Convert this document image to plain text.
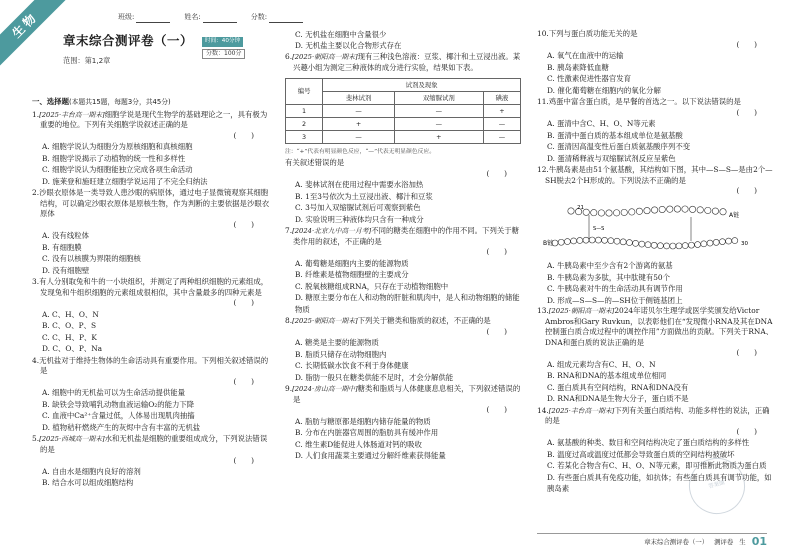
生物	班级:	姓名:	分数:
章末综合测评卷（一）
范围：第1,2章
时间：40分钟
分数：100分
一、选择题(本题共15题，每题3分，共45分)
1.[2025·丰台高一期末]细胞学说是现代生物学的基础理论之一，具有极为重要的地位。下列有关细胞学说叙述正确的是
(　　)
A. 细胞学说认为细胞分为原核细胞和真核细胞
B. 细胞学说揭示了动植物的统一性和多样性
C. 细胞学说认为细胞能独立完成各项生命活动
D. 施莱登和施旺建立细胞学说运用了不完全归纳法
2.沙眼衣原体是一类导致人患沙眼的病原体，通过电子显微镜观察其细胞结构，可以确定沙眼衣原体是原核生物，作为判断的主要依据是沙眼衣原体
(　　)
A. 没有线粒体
B. 有细胞膜
C. 没有以核膜为界限的细胞核
D. 没有细胞壁
3.有人分别取兔和牛的一小块组织，并测定了两种组织细胞的元素组成，发现兔和牛组织细胞的元素组成很相似，其中含量最多的四种元素是
(　　)
A. C、H、O、N
B. C、O、P、S
C. C、H、P、K
D. C、O、P、Na
4.无机盐对于维持生物体的生命活动具有重要作用。下列相关叙述错误的是
(　　)
A. 细胞中的无机盐可以为生命活动提供能量
B. 缺铁会导致哺乳动物血液运输O₂的能力下降
C. 血液中Ca²⁺含量过低，人体易出现肌肉抽搐
D. 植物秸秆燃烧产生的灰烬中含有丰富的无机盐
5.[2025·西城高一期末]水和无机盐是细胞的重要组成成分，下列说法错误的是
(　　)
A. 自由水是细胞内良好的溶剂
B. 结合水可以组成细胞结构
C. 无机盐在细胞中含量很少
D. 无机盐主要以化合物形式存在
6.[2025·朝阳高一期末]现有三种浅色溶液：豆浆、椰汁和土豆浸出液。某兴趣小组为测定三种液体的成分进行实验，结果如下表。
编号	试剂及现象		
	斐林试剂	双缩脲试剂	碘液
1	—	—	+
2	+	—	—
3	—	+	—
注：“+”代表有明显颜色反应，“—”代表无明显颜色反应。
有关叙述错误的是
(　　)
A. 斐林试剂在使用过程中需要水浴加热
B. 1至3号依次为土豆浸出液、椰汁和豆浆
C. 3号加入双缩脲试剂后可观察到紫色
D. 实验说明三种液体均只含有一种成分
7.[2024·北京九中高一月考]不同的糖类在细胞中的作用不同。下列关于糖类作用的叙述，不正确的是
(　　)
A. 葡萄糖是细胞内主要的能源物质
B. 纤维素是植物细胞壁的主要成分
C. 脱氧核糖组成RNA，只存在于动植物细胞中
D. 糖原主要分布在人和动物的肝脏和肌肉中，是人和动物细胞的储能物质
8.[2025·朝阳高一期末]下列关于糖类和脂质的叙述，不正确的是
(　　)
A. 糖类是主要的能源物质
B. 脂质只储存在动物细胞内
C. 长期低碳水饮食不利于身体健康
D. 脂肪一般只在糖类供能不足时，才会分解供能
9.[2024·房山高一期中]糖类和脂质与人体健康息息相关，下列叙述错误的是
(　　)
A. 脂肪与糖原都是细胞内储存能量的物质
B. 分布在内脏器官周围的脂肪具有缓冲作用
C. 维生素D能促进人体肠道对钙的吸收
D. 人们食用蔬菜主要通过分解纤维素获得能量
10.下列与蛋白质功能无关的是
(　　)
A. 氧气在血液中的运输
B. 胰岛素降低血糖
C. 性激素促进性器官发育
D. 催化葡萄糖在细胞内的氧化分解
11.鸡蛋中富含蛋白质，是早餐的首选之一。以下说法错误的是
(　　)
A. 蛋清中含C、H、O、N等元素
B. 蛋清中蛋白质的基本组成单位是氨基酸
C. 蛋清因高温变性后蛋白质氨基酸序列不变
D. 蛋清稀释液与双缩脲试剂反应呈紫色
12.牛胰岛素是由51个氨基酸，其结构如下图，其中—S—S—是由2个—SH脱去2个H形成的。下列说法不正确的是
(　　)
21
A链
30
S—S
B链
A. 牛胰岛素中至少含有2个游离的氨基
B. 牛胰岛素为多肽，其中肽键有50个
C. 牛胰岛素对牛的生命活动具有调节作用
D. 形成—S—S—的—SH位于侧链基团上
13.[2025·朝阳高一期末]2024年诺贝尔生理学或医学奖颁发给Victor Ambros和Gary Ruvkun，以表彰他们在“发现微小RNA及其在DNA控制蛋白质合成过程中的调控作用”方面做出的贡献。下列关于RNA、DNA和蛋白质的说法正确的是
(　　)
A. 组成元素均含有C、H、O、N
B. RNA和DNA的基本组成单位相同
C. 蛋白质具有空间结构，RNA和DNA没有
D. RNA和DNA是生物大分子，蛋白质不是
14.[2025·丰台高一期末]下列有关蛋白质结构、功能多样性的说法，正确的是
(　　)
A. 氨基酸的种类、数目和空间结构决定了蛋白质结构的多样性
B. 温度过高或温度过低都会导致蛋白质的空间结构被破坏
C. 若某化合物含有C、H、O、N等元素，即可推断此物质为蛋白质
D. 有些蛋白质具有免疫功能，如抗体；有些蛋白质具有调节功能，如胰岛素	答案圈
章末综合测评卷（一） 测评卷 生 01
